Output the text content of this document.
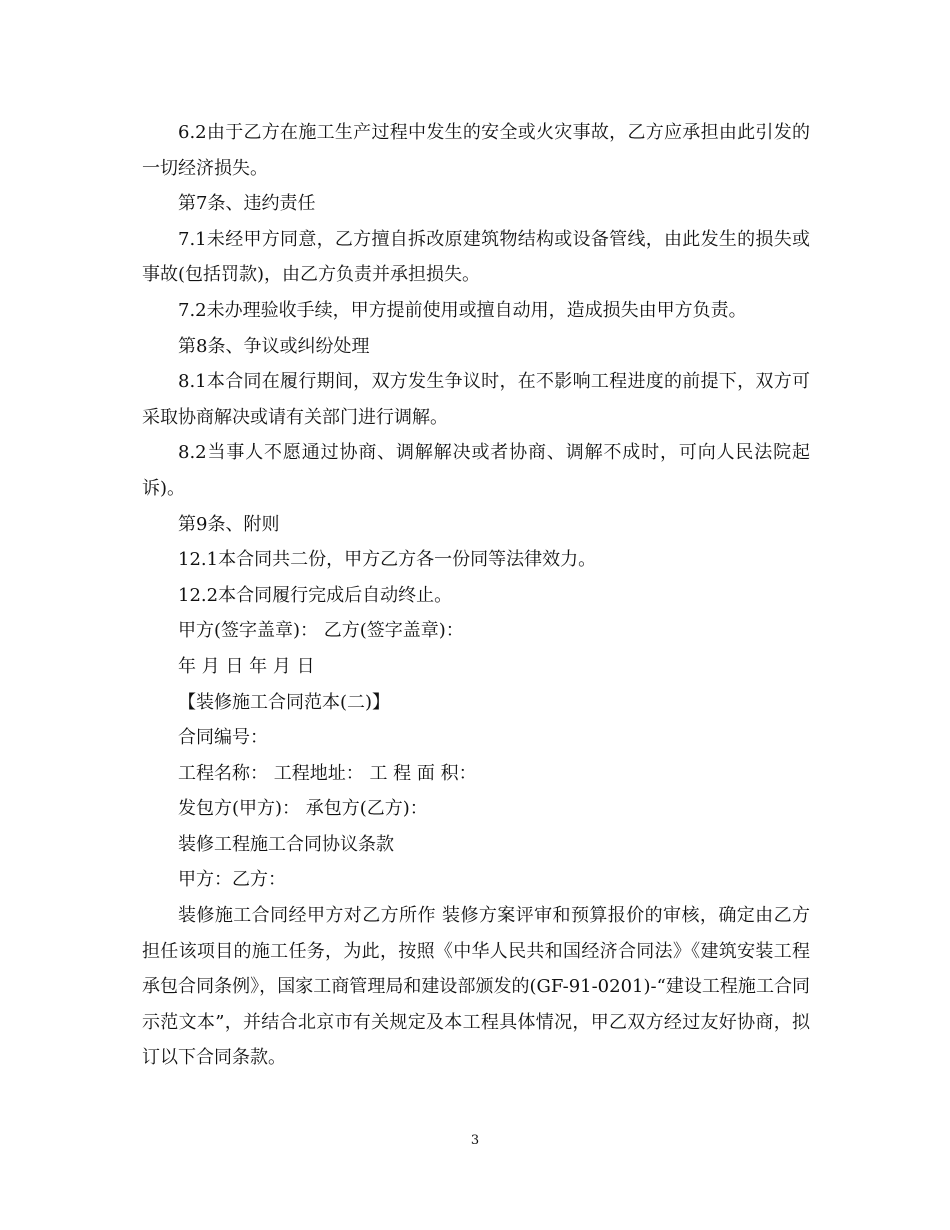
6.2由于乙方在施工生产过程中发生的安全或火灾事故，乙方应承担由此引发的一切经济损失。

第7条、违约责任

7.1未经甲方同意，乙方擅自拆改原建筑物结构或设备管线，由此发生的损失或事故(包括罚款)，由乙方负责并承担损失。

7.2未办理验收手续，甲方提前使用或擅自动用，造成损失由甲方负责。

第8条、争议或纠纷处理

8.1本合同在履行期间，双方发生争议时，在不影响工程进度的前提下，双方可采取协商解决或请有关部门进行调解。

8.2当事人不愿通过协商、调解解决或者协商、调解不成时，可向人民法院起诉)。

第9条、附则

12.1本合同共二份，甲方乙方各一份同等法律效力。

12.2本合同履行完成后自动终止。

甲方(签字盖章)： 乙方(签字盖章)：

年 月 日 年 月 日

【装修施工合同范本(二)】

合同编号：

工程名称： 工程地址： 工 程 面 积：

发包方(甲方)： 承包方(乙方)：

装修工程施工合同协议条款

甲方：乙方：

装修施工合同经甲方对乙方所作 装修方案评审和预算报价的审核，确定由乙方担任该项目的施工任务，为此，按照《中华人民共和国经济合同法》《建筑安装工程承包合同条例》，国家工商管理局和建设部颁发的(GF-91-0201)-“建设工程施工合同示范文本”，并结合北京市有关规定及本工程具体情况，甲乙双方经过友好协商，拟订以下合同条款。

3
